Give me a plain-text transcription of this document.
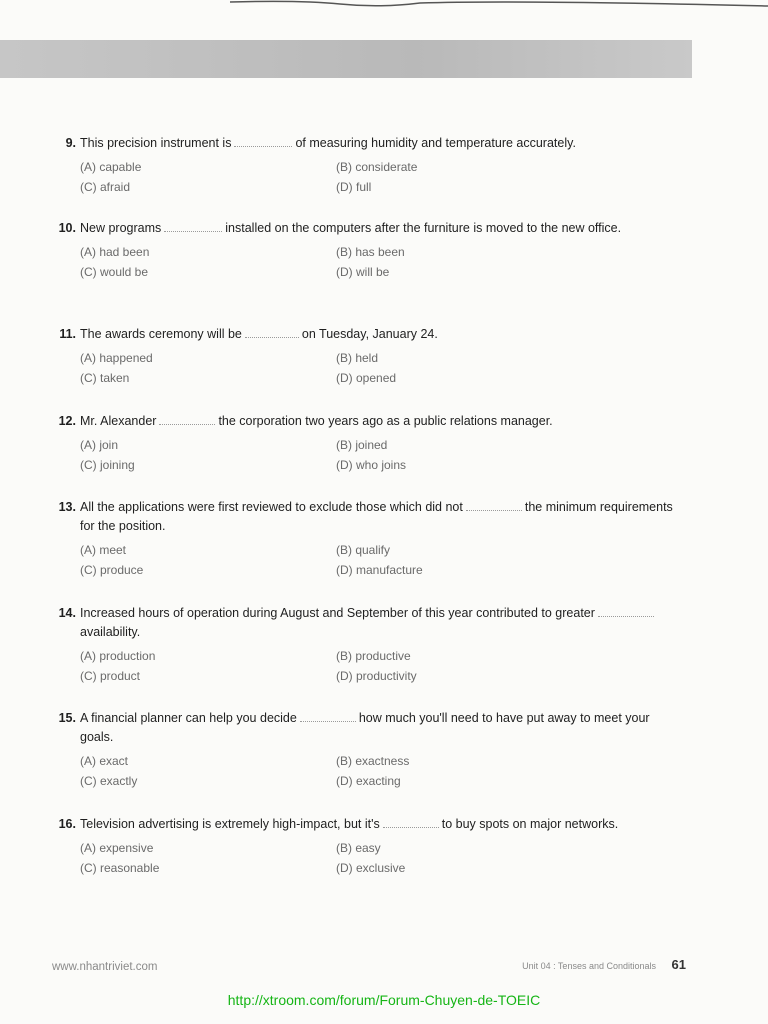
9. This precision instrument is	of measuring humidity and temperature accurately.
(A) capable	(B) considerate
(C) afraid	(D) full
10. New programs	installed on the computers after the furniture is moved to the new office.
(A) had been	(B) has been
(C) would be	(D) will be
11. The awards ceremony will be	on Tuesday, January 24.
(A) happened	(B) held
(C) taken	(D) opened
12. Mr. Alexander	the corporation two years ago as a public relations manager.
(A) join	(B) joined
(C) joining	(D) who joins
13. All the applications were first reviewed to exclude those which did not	the minimum requirements for the position.
(A) meet	(B) qualify
(C) produce	(D) manufacture
14. Increased hours of operation during August and September of this year contributed to greateravailability.
(A) production	(B) productive
(C) product	(D) productivity
15. A financial planner can help you decide	how much you'll need to have put away to meet your goals.
(A) exact	(B) exactness
(C) exactly	(D) exacting
16. Television advertising is extremely high-impact, but it's	to buy spots on major networks.
(A) expensive	(B) easy
(C) reasonable	(D) exclusive
www.nhantriviet.com	Unit 04 : Tenses and Conditionals 61
http://xtroom.com/forum/Forum-Chuyen-de-TOEIC
